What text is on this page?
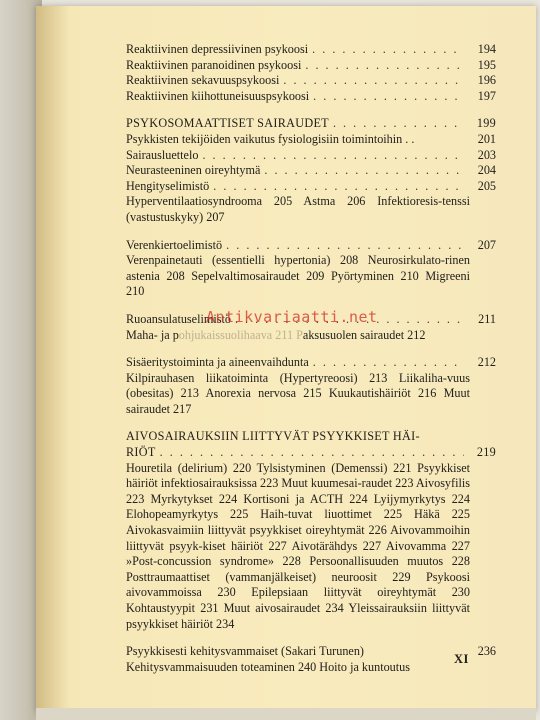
Reaktiivinen depressiivinen psykoosi . . .	194
Reaktiivinen paranoidinen psykoosi . . .	195
Reaktiivinen sekavuuspsykoosi . . .	196
Reaktiivinen kiihottuneisuuspsykoosi . . .	197
PSYKOSOMAATTISET SAIRAUDET . . .	199
Psykkisten tekijöiden vaikutus fysiologisiin toimintoihin . .	201
Sairausluettelo . . .	203
Neurasteeninen oireyhtymä . . .	204
Hengityselimistö . . .	205
Hyperventilaatiosyndrooma 205 Astma 206 Infektioresis-tenssi (vastustuskyky) 207
Verenkiertoelimistö . . .	207
Verenpainetauti (essentielli hypertonia) 208 Neurosirkulato-rinen astenia 208 Sepelvaltimosairaudet 209 Pyörtyminen 210 Migreeni 210
Ruoansulatuselimistö . . .	211
Maha- ja pohjukaissuolihaava 211 Paksusuolen sairaudet 212
Sisäeritystoiminta ja aineenvaihdunta . . .	212
Kilpirauhasen liikatoiminta (Hypertyreoosi) 213 Liikaliha-vuus (obesitas) 213 Anorexia nervosa 215 Kuukautishäiriöt 216 Muut sairaudet 217
AIVOSAIRAUKSIIN LIITTYVÄT PSYYKKISET HÄI-
RIÖT . . .	219
Houretila (delirium) 220 Tylsistyminen (Demenssi) 221 Psyykkiset häiriöt infektiosairauksissa 223 Muut kuumesai-raudet 223 Aivosyfilis 223 Myrkytykset 224 Kortisoni ja ACTH 224 Lyijymyrkytys 224 Elohopeamyrkytys 225 Haih-tuvat liuottimet 225 Häkä 225 Aivokasvaimiin liittyvät psyykkiset oireyhtymät 226 Aivovammoihin liittyvät psyyk-kiset häiriöt 227 Aivotärähdys 227 Aivovamma 227 »Post-concussion syndrome» 228 Persoonallisuuden muutos 228 Posttraumaattiset (vammanjälkeiset) neuroosit 229 Psykoosi aivovammoissa 230 Epilepsiaan liittyvät oireyhtymät 230 Kohtaustyypit 231 Muut aivosairaudet 234 Yleissairauksiin liittyvät psyykkiset häiriöt 234
Psyykkisesti kehitysvammaiset (Sakari Turunen)	236
Kehitysvammaisuuden toteaminen 240 Hoito ja kuntoutus
Antikvariaatti.net
XI
